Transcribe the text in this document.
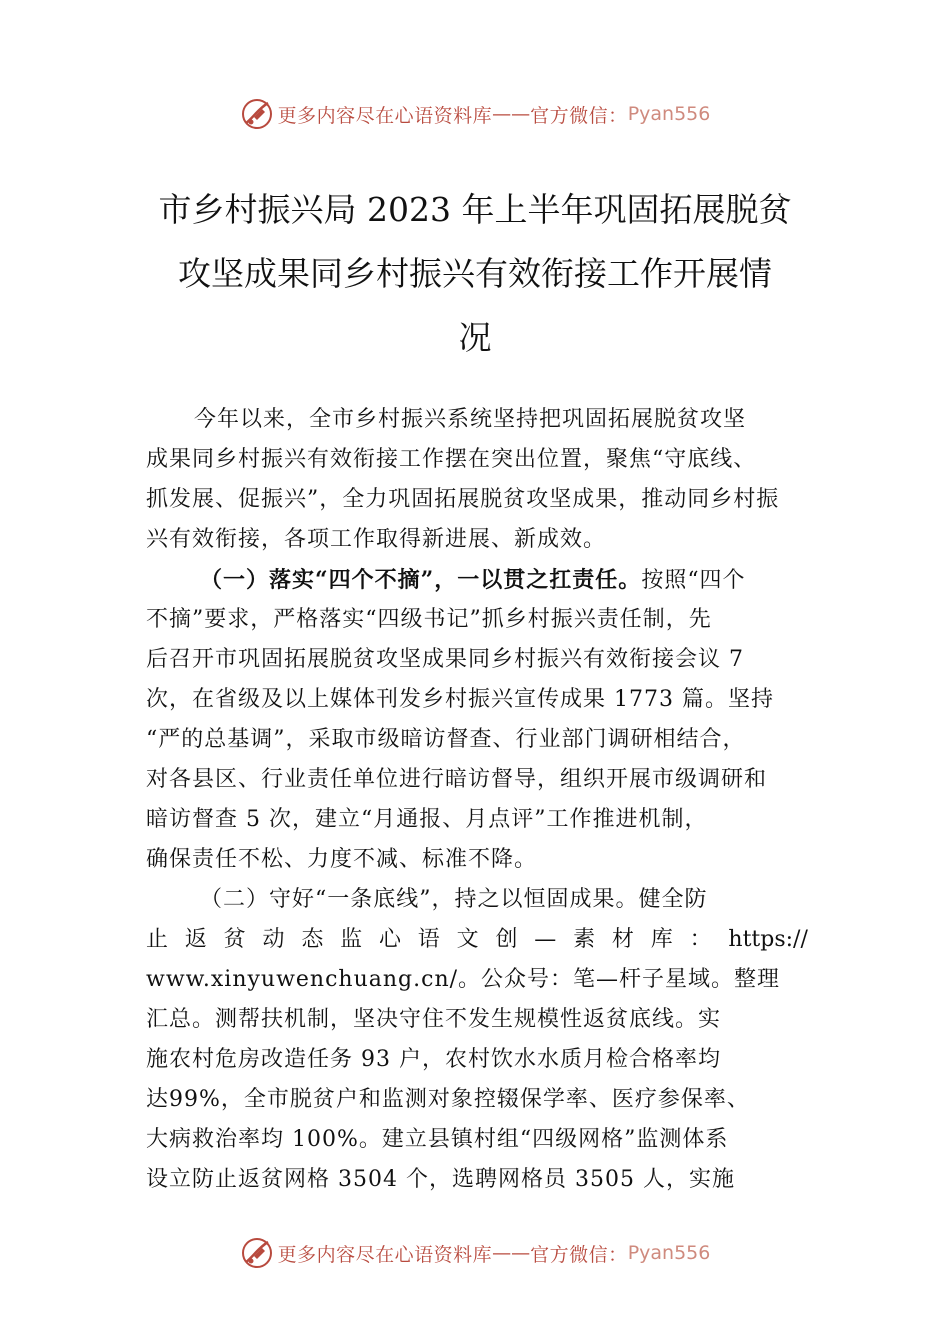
更多内容尽在心语资料库 —— 官方微信： Pyan556
市乡村振兴局 2023 年上半年巩固拓展脱贫
攻坚成果同乡村振兴有效衔接工作开展情
况
今年以来，全市乡村振兴系统坚持把巩固拓展脱贫攻坚
成果同乡村振兴有效衔接工作摆在突出位置，聚焦“守底线、
抓发展、促振兴”，全力巩固拓展脱贫攻坚成果，推动同乡村振
兴有效衔接，各项工作取得新进展、新成效。
（一）落实“四个不摘”，一以贯之扛责任。按照“四个
不摘”要求，严格落实“四级书记”抓乡村振兴责任制，先
后召开市巩固拓展脱贫攻坚成果同乡村振兴有效衔接会议 7
次，在省级及以上媒体刊发乡村振兴宣传成果 1773 篇。坚持
“严的总基调”，采取市级暗访督查、行业部门调研相结合，
对各县区、行业责任单位进行暗访督导，组织开展市级调研和
暗访督查 5 次，建立“月通报、月点评”工作推进机制，
确保责任不松、力度不减、标准不降。
（二）守好“一条底线”，持之以恒固成果。健全防
止 返 贫 动 态 监 心 语 文 创 — 素 材 库 ： https://
www.xinyuwenchuang.cn/。公众号：笔—杆子星域。整理
汇总。测帮扶机制，坚决守住不发生规模性返贫底线。实
施农村危房改造任务 93 户，农村饮水水质月检合格率均
达99%，全市脱贫户和监测对象控辍保学率、医疗参保率、
大病救治率均 100%。建立县镇村组“四级网格”监测体系
设立防止返贫网格 3504 个，选聘网格员 3505 人，实施
更多内容尽在心语资料库 —— 官方微信： Pyan556
